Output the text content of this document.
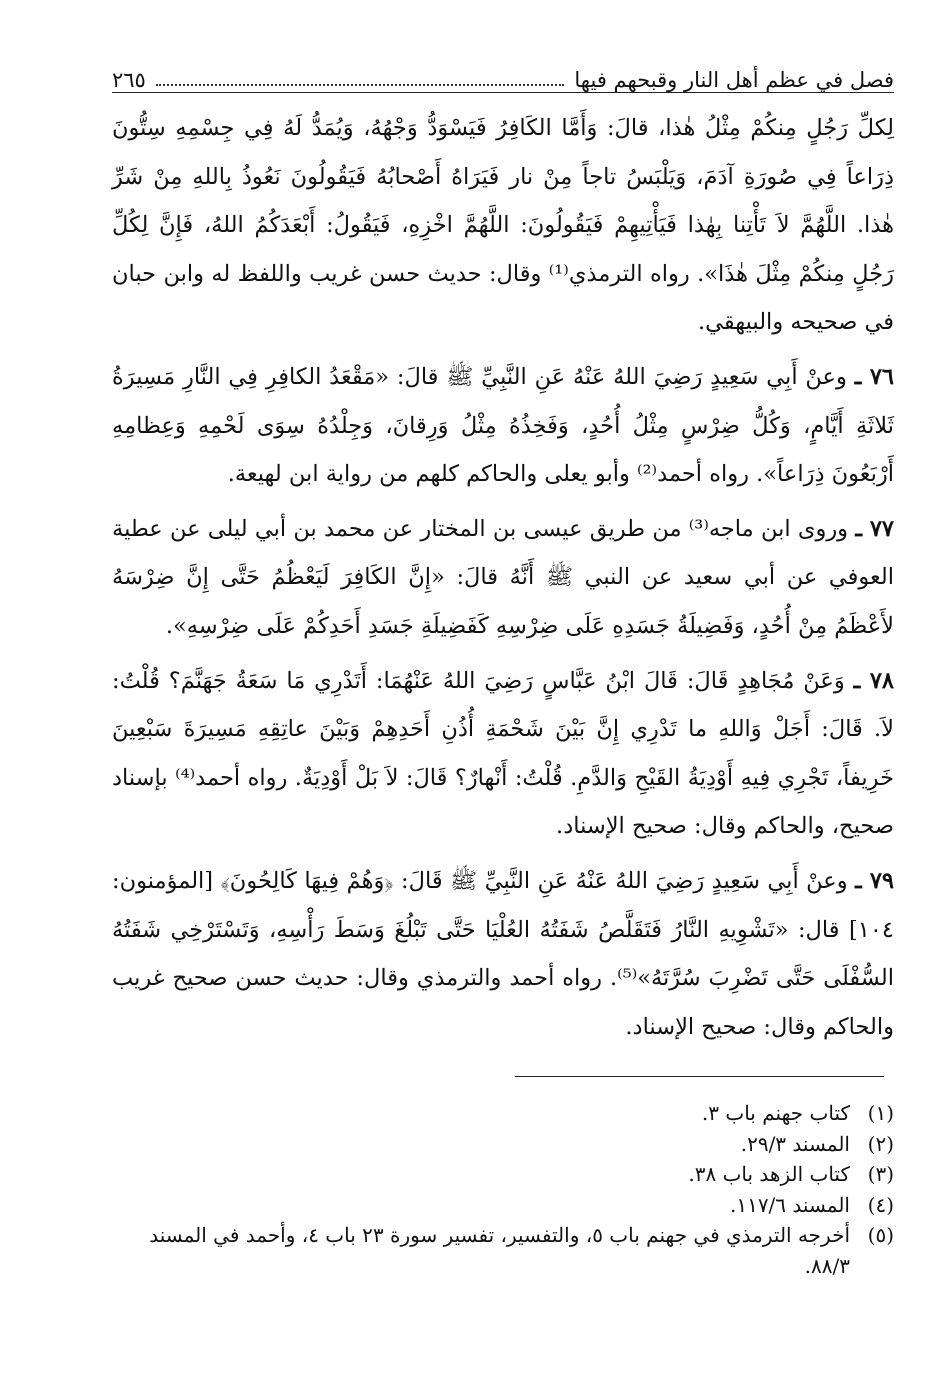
فصل في عظم أهل النار وقبحهم فيها
٢٦٥

لِكلِّ رَجُلٍ مِنكُمْ مِثْلُ هٰذا، قالَ: وَأَمَّا الكَافِرُ فَيَسْوَدُّ وَجْهُهُ، وَيُمَدُّ لَهُ فِي جِسْمِهِ سِتُّونَ ذِرَاعاً فِي صُورَةِ آدَمَ، وَيَلْبَسُ تاجاً مِنْ نار فَيَرَاهُ أَصْحابُهُ فَيَقُولُونَ نَعُوذُ بِاللهِ مِنْ شَرِّ هٰذا. اللَّهُمَّ لاَ تَأْتِنا بِهٰذا فَيَأْتِيهِمْ فَيَقُولُونَ: اللَّهُمَّ اخْزِهِ، فَيَقُولُ: أَبْعَدَكُمُ اللهُ، فَإِنَّ لِكُلِّ رَجُلٍ مِنكُمْ مِثْلَ هٰذَا». رواه الترمذي⁽¹⁾ وقال: حديث حسن غريب واللفظ له وابن حبان في صحيحه والبيهقي.

٧٦ ـ وعنْ أَبِي سَعِيدٍ رَضِيَ اللهُ عَنْهُ عَنِ النَّبِيِّ ﷺ قالَ: «مَقْعَدُ الكافِرِ فِي النَّارِ مَسِيرَةُ ثَلاثَةِ أَيَّامٍ، وَكُلُّ ضِرْسٍ مِثْلُ أُحُدٍ، وَفَخِذُهُ مِثْلُ وَرِقانَ، وَجِلْدُهُ سِوَى لَحْمِهِ وَعِظامِهِ أَرْبَعُونَ ذِرَاعاً». رواه أحمد⁽²⁾ وأبو يعلى والحاكم كلهم من رواية ابن لهيعة.

٧٧ ـ وروى ابن ماجه⁽³⁾ من طريق عيسى بن المختار عن محمد بن أبي ليلى عن عطية العوفي عن أبي سعيد عن النبي ﷺ أَنَّهُ قالَ: «إِنَّ الكَافِرَ لَيَعْظُمُ حَتَّى إِنَّ ضِرْسَهُ لأَعْظَمُ مِنْ أُحُدٍ، وَفَضِيلَةُ جَسَدِهِ عَلَى ضِرْسِهِ كَفَضِيلَةِ جَسَدِ أَحَدِكُمْ عَلَى ضِرْسِهِ».

٧٨ ـ وَعَنْ مُجَاهِدٍ قَالَ: قَالَ ابْنُ عَبَّاسٍ رَضِيَ اللهُ عَنْهُمَا: أَتَدْرِي مَا سَعَةُ جَهَنَّمَ؟ قُلْتُ: لاَ. قَالَ: أَجَلْ وَاللهِ ما تَدْرِي إِنَّ بَيْنَ شَحْمَةِ أُذُنِ أَحَدِهِمْ وَبَيْنَ عاتِقِهِ مَسِيرَةَ سَبْعِينَ خَرِيفاً، تَجْرِي فِيهِ أَوْدِيَةُ القَيْحِ وَالدَّمِ. قُلْتُ: أَنْهارٌ؟ قَالَ: لاَ بَلْ أَوْدِيَةٌ. رواه أحمد⁽⁴⁾ بإسناد صحيح، والحاكم وقال: صحيح الإسناد.

٧٩ ـ وعنْ أَبِي سَعِيدٍ رَضِيَ اللهُ عَنْهُ عَنِ النَّبِيِّ ﷺ قَالَ: ﴿وَهُمْ فِيهَا كَالِحُونَ﴾ [المؤمنون: ١٠٤] قال: «تَشْوِيهِ النَّارُ فَتَقَلَّصُ شَفَتُهُ العُلْيَا حَتَّى تَبْلُغَ وَسَطَ رَأْسِهِ، وَتَسْتَرْخِي شَفَتُهُ السُّفْلَى حَتَّى تَضْرِبَ سُرَّتَهُ»⁽⁵⁾. رواه أحمد والترمذي وقال: حديث حسن صحيح غريب والحاكم وقال: صحيح الإسناد.

(١)
كتاب جهنم باب ٣.
(٢)
المسند ٢٩/٣.
(٣)
كتاب الزهد باب ٣٨.
(٤)
المسند ١١٧/٦.
(٥)
أخرجه الترمذي في جهنم باب ٥، والتفسير، تفسير سورة ٢٣ باب ٤، وأحمد في المسند ٨٨/٣.
